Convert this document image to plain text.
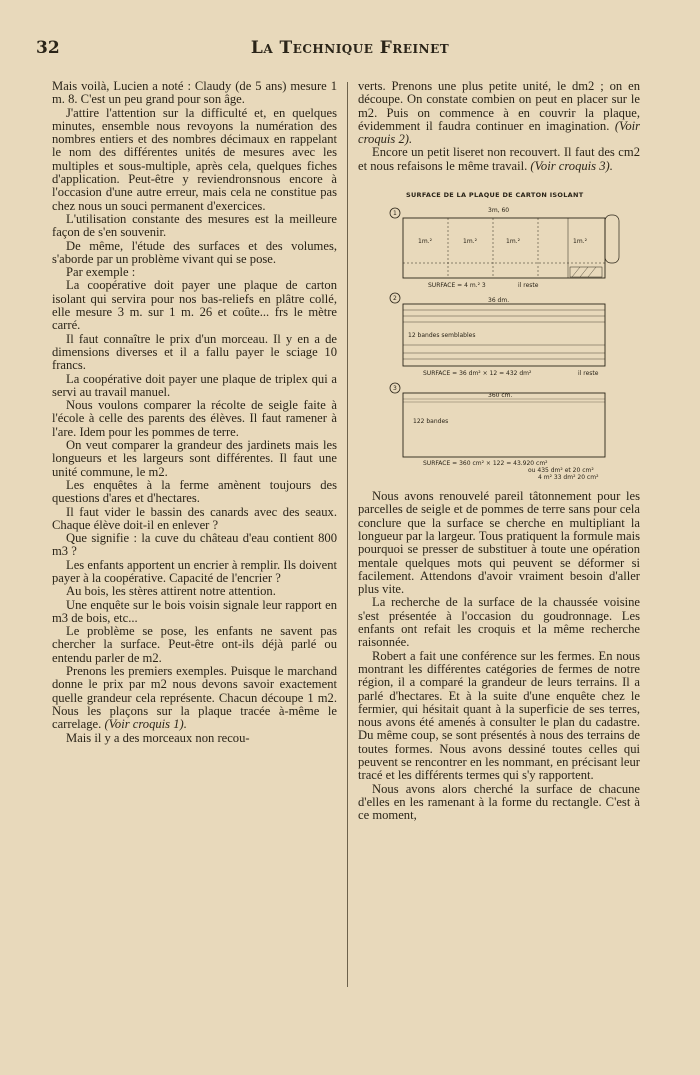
32	La Technique Freinet

Mais voilà, Lucien a noté : Claudy (de 5 ans) mesure 1 m. 8. C'est un peu grand pour son âge.

J'attire l'attention sur la difficulté et, en quelques minutes, ensemble nous revoyons la numération des nombres entiers et des nombres décimaux en rappelant le nom des différentes unités de mesures avec les multiples et sous-multiple, après cela, quelques fiches d'application. Peut-être y reviendronsnous encore à l'occasion d'une autre erreur, mais cela ne constitue pas chez nous un souci permanent d'exercices.

L'utilisation constante des mesures est la meilleure façon de s'en souvenir.

De même, l'étude des surfaces et des volumes, s'aborde par un problème vivant qui se pose.

Par exemple :

La coopérative doit payer une plaque de carton isolant qui servira pour nos bas-reliefs en plâtre collé, elle mesure 3 m. sur 1 m. 26 et coûte... frs le mètre carré.

Il faut connaître le prix d'un morceau. Il y en a de dimensions diverses et il a fallu payer le sciage 10 francs.

La coopérative doit payer une plaque de triplex qui a servi au travail manuel.

Nous voulons comparer la récolte de seigle faite à l'école à celle des parents des élèves. Il faut ramener à l'are. Idem pour les pommes de terre.

On veut comparer la grandeur des jardinets mais les longueurs et les largeurs sont différentes. Il faut une unité commune, le m2.

Les enquêtes à la ferme amènent toujours des questions d'ares et d'hectares.

Il faut vider le bassin des canards avec des seaux. Chaque élève doit-il en enlever ?

Que signifie : la cuve du château d'eau contient 800 m3 ?

Les enfants apportent un encrier à remplir. Ils doivent payer à la coopérative. Capacité de l'encrier ?

Au bois, les stères attirent notre attention.

Une enquête sur le bois voisin signale leur rapport en m3 de bois, etc...

Le problème se pose, les enfants ne savent pas chercher la surface. Peut-être ont-ils déjà parlé ou entendu parler de m2.

Prenons les premiers exemples. Puisque le marchand donne le prix par m2 nous devons savoir exactement quelle grandeur cela représente. Chacun découpe 1 m2. Nous les plaçons sur la plaque tracée à-même le carrelage. (Voir croquis 1).

Mais il y a des morceaux non recou-

verts. Prenons une plus petite unité, le dm2 ; on en découpe. On constate combien on peut en placer sur le m2. Puis on commence à en couvrir la plaque, évidemment il faudra continuer en imagination. (Voir croquis 2).

Encore un petit liseret non recouvert. Il faut des cm2 et nous refaisons le même travail. (Voir croquis 3).

SURFACE DE LA PLAQUE DE CARTON ISOLANT
1	3m, 60
1m.²	1m.²	1m.²	1m.²
SURFACE = 4 m.² 3	il reste
2	36 dm.
12 bandes semblables
SURFACE = 36 dm² × 12 = 432 dm²	il reste
3
360 cm.
122 bandes
SURFACE = 360 cm² × 122 = 43.920 cm²
ou 435 dm² et 20 cm²
4 m² 33 dm² 20 cm²

Nous avons renouvelé pareil tâtonnement pour les parcelles de seigle et de pommes de terre sans pour cela conclure que la surface se cherche en multipliant la longueur par la largeur. Tous pratiquent la formule mais pourquoi se presser de substituer à toute une opération mentale quelques mots qui peuvent se déformer si facilement. Attendons d'avoir vraiment besoin d'aller plus vite.

La recherche de la surface de la chaussée voisine s'est présentée à l'occasion du goudronnage. Les enfants ont refait les croquis et la même recherche raisonnée.

Robert a fait une conférence sur les fermes. En nous montrant les différentes catégories de fermes de notre région, il a comparé la grandeur de leurs terrains. Il a parlé d'hectares. Et à la suite d'une enquête chez le fermier, qui hésitait quant à la superficie de ses terres, nous avons été amenés à consulter le plan du cadastre. Du même coup, se sont présentés à nous des terrains de toutes formes. Nous avons dessiné toutes celles qui peuvent se rencontrer en les nommant, en précisant leur tracé et les différents termes qui s'y rapportent.

Nous avons alors cherché la surface de chacune d'elles en les ramenant à la forme du rectangle. C'est à ce moment,
